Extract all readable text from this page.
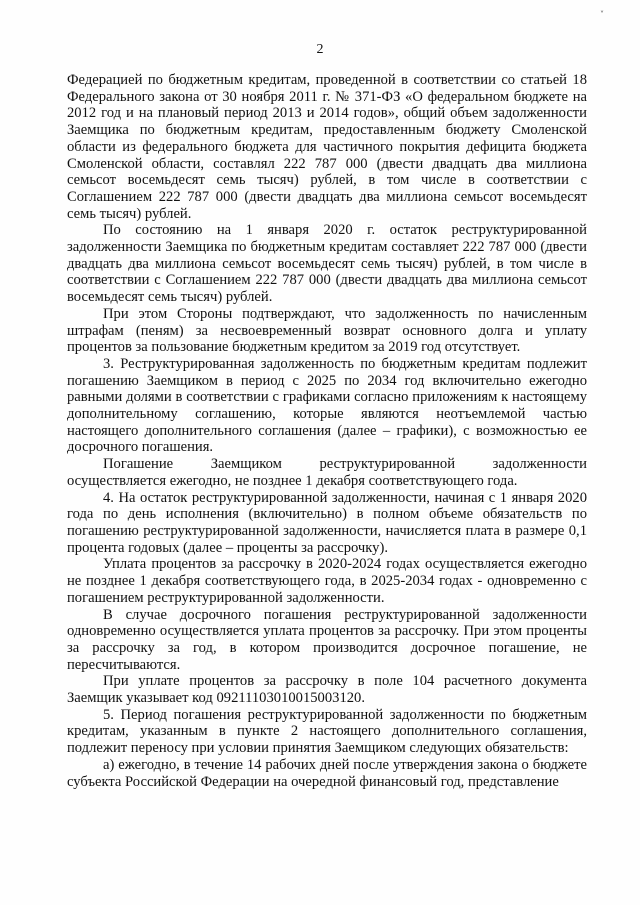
˅
2

Федерацией по бюджетным кредитам, проведенной в соответствии со статьей 18 Федерального закона от 30 ноября 2011 г. № 371-ФЗ «О федеральном бюджете на 2012 год и на плановый период 2013 и 2014 годов», общий объем задолженности Заемщика по бюджетным кредитам, предоставленным бюджету Смоленской области из федерального бюджета для частичного покрытия дефицита бюджета Смоленской области, составлял 222 787 000 (двести двадцать два миллиона семьсот восемьдесят семь тысяч) рублей, в том числе в соответствии с Соглашением 222 787 000 (двести двадцать два миллиона семьсот восемьдесят семь тысяч) рублей.

По состоянию на 1 января 2020 г. остаток реструктурированной задолженности Заемщика по бюджетным кредитам составляет 222 787 000 (двести двадцать два миллиона семьсот восемьдесят семь тысяч) рублей, в том числе в соответствии с Соглашением 222 787 000 (двести двадцать два миллиона семьсот восемьдесят семь тысяч) рублей.

При этом Стороны подтверждают, что задолженность по начисленным штрафам (пеням) за несвоевременный возврат основного долга и уплату процентов за пользование бюджетным кредитом за 2019 год отсутствует.

3. Реструктурированная задолженность по бюджетным кредитам подлежит погашению Заемщиком в период с 2025 по 2034 год включительно ежегодно равными долями в соответствии с графиками согласно приложениям к настоящему дополнительному соглашению, которые являются неотъемлемой частью настоящего дополнительного соглашения (далее – графики), с возможностью ее досрочного погашения.

Погашение Заемщиком реструктурированной задолженности осуществляется ежегодно, не позднее 1 декабря соответствующего года.

4. На остаток реструктурированной задолженности, начиная с 1 января 2020 года по день исполнения (включительно) в полном объеме обязательств по погашению реструктурированной задолженности, начисляется плата в размере 0,1 процента годовых (далее – проценты за рассрочку).

Уплата процентов за рассрочку в 2020-2024 годах осуществляется ежегодно не позднее 1 декабря соответствующего года, в 2025-2034 годах - одновременно с погашением реструктурированной задолженности.

В случае досрочного погашения реструктурированной задолженности одновременно осуществляется уплата процентов за рассрочку. При этом проценты за рассрочку за год, в котором производится досрочное погашение, не пересчитываются.

При уплате процентов за рассрочку в поле 104 расчетного документа Заемщик указывает код 09211103010015003120.

5. Период погашения реструктурированной задолженности по бюджетным кредитам, указанным в пункте 2 настоящего дополнительного соглашения, подлежит переносу при условии принятия Заемщиком следующих обязательств:

а) ежегодно, в течение 14 рабочих дней после утверждения закона о бюджете субъекта Российской Федерации на очередной финансовый год, представление
